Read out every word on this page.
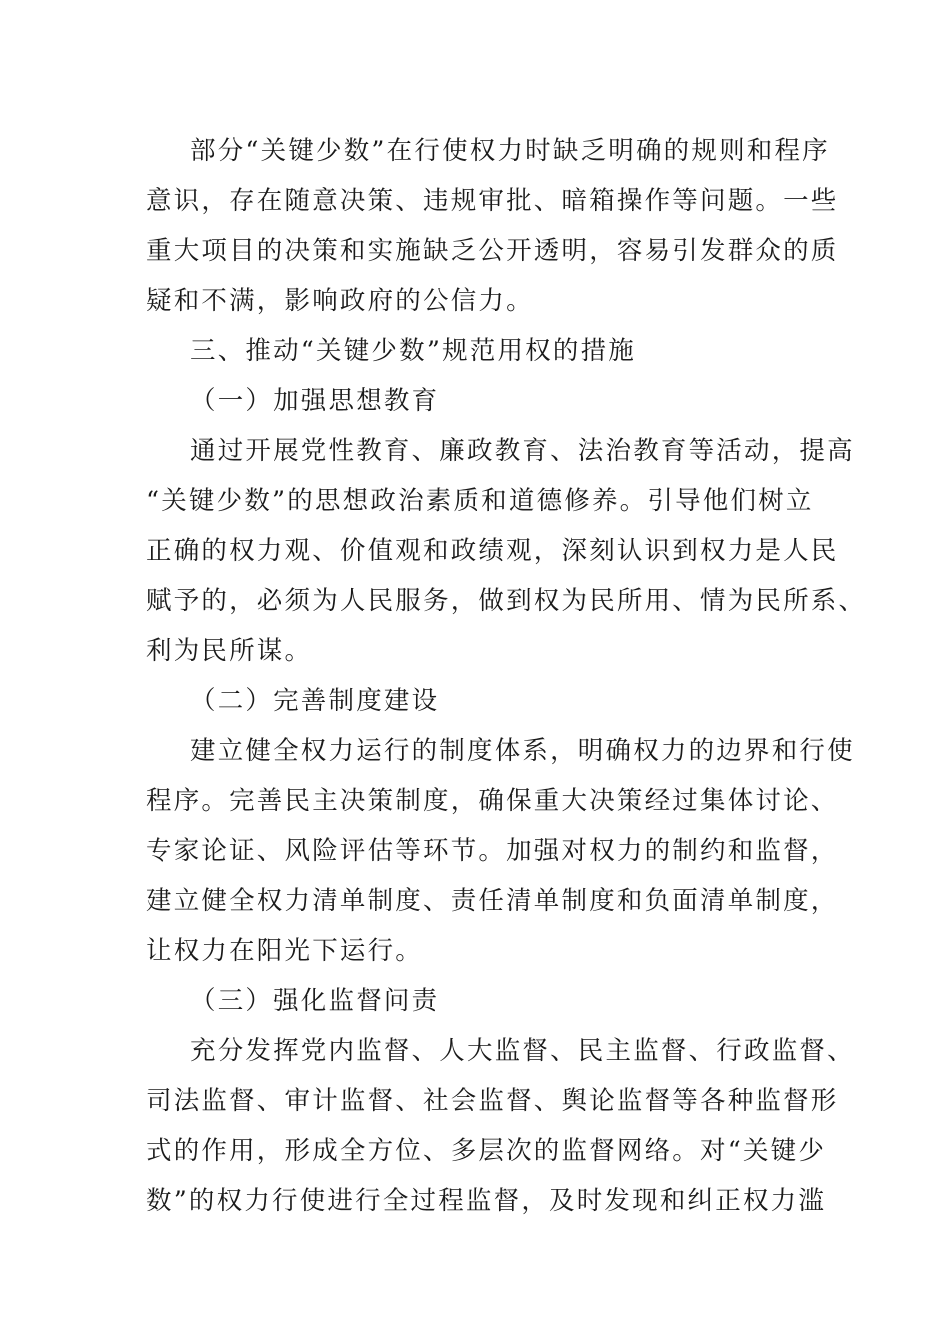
部分“关键少数”在行使权力时缺乏明确的规则和程序
意识，存在随意决策、违规审批、暗箱操作等问题。一些
重大项目的决策和实施缺乏公开透明，容易引发群众的质
疑和不满，影响政府的公信力。
三、推动“关键少数”规范用权的措施
（一）加强思想教育
通过开展党性教育、廉政教育、法治教育等活动，提高
“关键少数”的思想政治素质和道德修养。引导他们树立
正确的权力观、价值观和政绩观，深刻认识到权力是人民
赋予的，必须为人民服务，做到权为民所用、情为民所系、
利为民所谋。
（二）完善制度建设
建立健全权力运行的制度体系，明确权力的边界和行使
程序。完善民主决策制度，确保重大决策经过集体讨论、
专家论证、风险评估等环节。加强对权力的制约和监督，
建立健全权力清单制度、责任清单制度和负面清单制度，
让权力在阳光下运行。
（三）强化监督问责
充分发挥党内监督、人大监督、民主监督、行政监督、
司法监督、审计监督、社会监督、舆论监督等各种监督形
式的作用，形成全方位、多层次的监督网络。对“关键少
数”的权力行使进行全过程监督，及时发现和纠正权力滥
